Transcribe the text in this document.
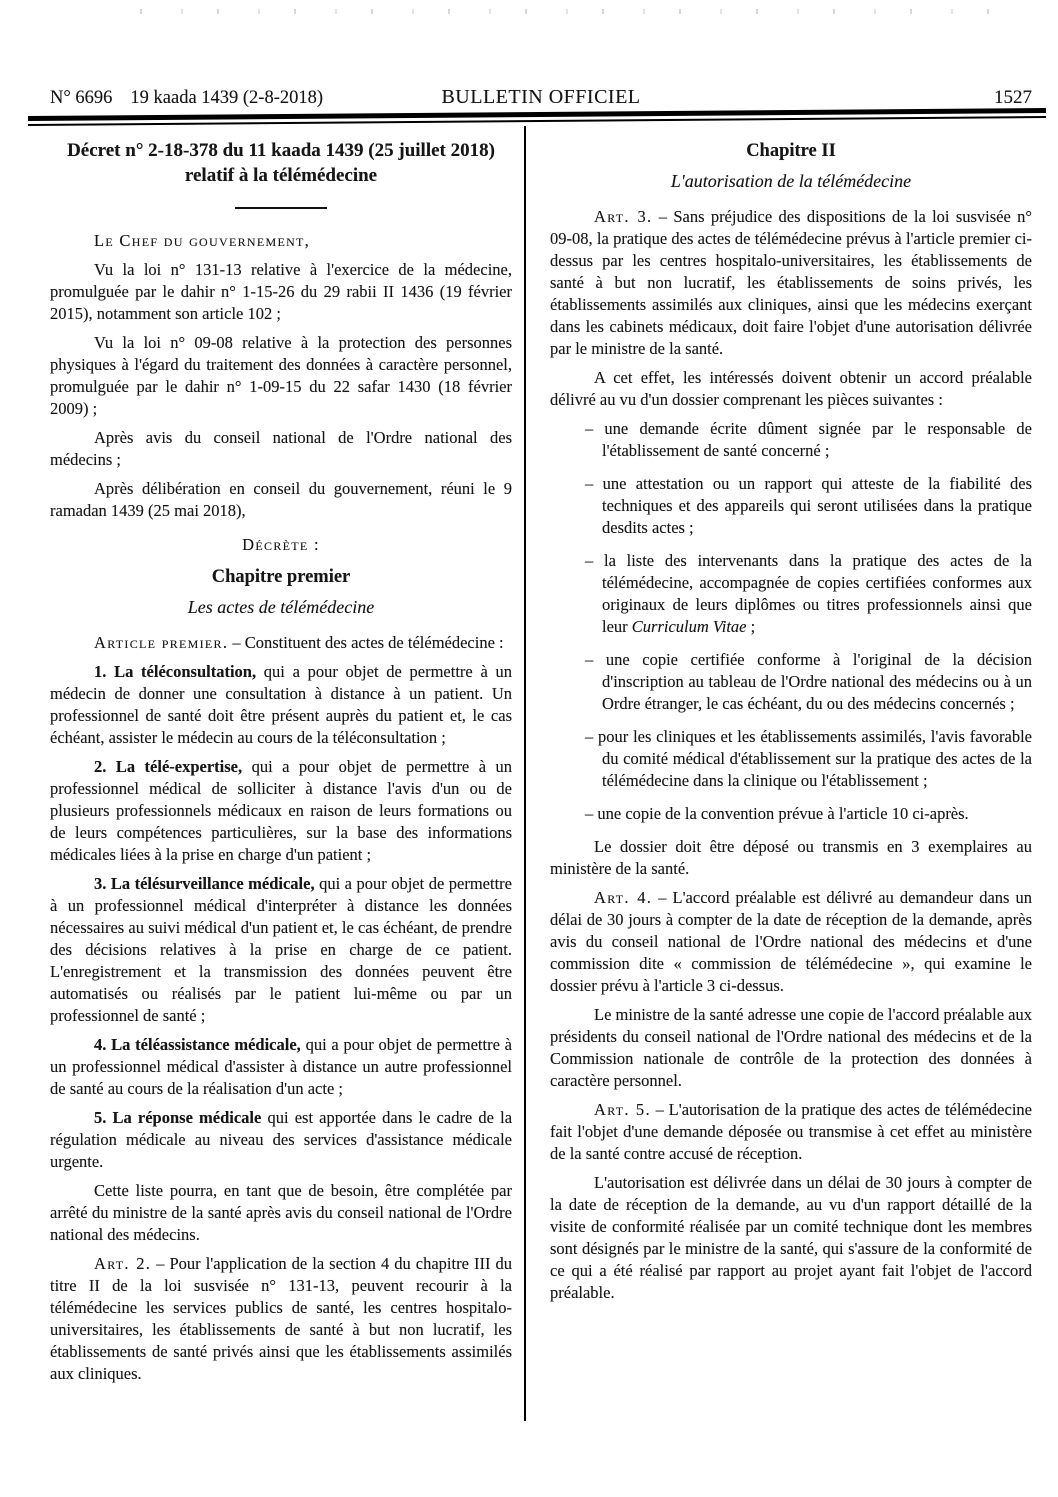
N° 6696 19 kaada 1439 (2-8-2018)	BULLETIN OFFICIEL	1527
Décret n° 2-18-378 du 11 kaada 1439 (25 juillet 2018) relatif à la télémédecine

Le Chef du gouvernement,

Vu la loi n° 131-13 relative à l'exercice de la médecine, promulguée par le dahir n° 1-15-26 du 29 rabii II 1436 (19 février 2015), notamment son article 102 ;

Vu la loi n° 09-08 relative à la protection des personnes physiques à l'égard du traitement des données à caractère personnel, promulguée par le dahir n° 1-09-15 du 22 safar 1430 (18 février 2009) ;

Après avis du conseil national de l'Ordre national des médecins ;

Après délibération en conseil du gouvernement, réuni le 9 ramadan 1439 (25 mai 2018),

Décrète :

Chapitre premier

Les actes de télémédecine

Article premier. – Constituent des actes de télémédecine :

1. La téléconsultation, qui a pour objet de permettre à un médecin de donner une consultation à distance à un patient. Un professionnel de santé doit être présent auprès du patient et, le cas échéant, assister le médecin au cours de la téléconsultation ;

2. La télé-expertise, qui a pour objet de permettre à un professionnel médical de solliciter à distance l'avis d'un ou de plusieurs professionnels médicaux en raison de leurs formations ou de leurs compétences particulières, sur la base des informations médicales liées à la prise en charge d'un patient ;

3. La télésurveillance médicale, qui a pour objet de permettre à un professionnel médical d'interpréter à distance les données nécessaires au suivi médical d'un patient et, le cas échéant, de prendre des décisions relatives à la prise en charge de ce patient. L'enregistrement et la transmission des données peuvent être automatisés ou réalisés par le patient lui-même ou par un professionnel de santé ;

4. La téléassistance médicale, qui a pour objet de permettre à un professionnel médical d'assister à distance un autre professionnel de santé au cours de la réalisation d'un acte ;

5. La réponse médicale qui est apportée dans le cadre de la régulation médicale au niveau des services d'assistance médicale urgente.

Cette liste pourra, en tant que de besoin, être complétée par arrêté du ministre de la santé après avis du conseil national de l'Ordre national des médecins.

Art. 2. – Pour l'application de la section 4 du chapitre III du titre II de la loi susvisée n° 131-13, peuvent recourir à la télémédecine les services publics de santé, les centres hospitalo-universitaires, les établissements de santé à but non lucratif, les établissements de santé privés ainsi que les établissements assimilés aux cliniques.

Chapitre II

L'autorisation de la télémédecine

Art. 3. – Sans préjudice des dispositions de la loi susvisée n° 09-08, la pratique des actes de télémédecine prévus à l'article premier ci-dessus par les centres hospitalo-universitaires, les établissements de santé à but non lucratif, les établissements de soins privés, les établissements assimilés aux cliniques, ainsi que les médecins exerçant dans les cabinets médicaux, doit faire l'objet d'une autorisation délivrée par le ministre de la santé.

A cet effet, les intéressés doivent obtenir un accord préalable délivré au vu d'un dossier comprenant les pièces suivantes :

– une demande écrite dûment signée par le responsable de l'établissement de santé concerné ;

– une attestation ou un rapport qui atteste de la fiabilité des techniques et des appareils qui seront utilisées dans la pratique desdits actes ;

– la liste des intervenants dans la pratique des actes de la télémédecine, accompagnée de copies certifiées conformes aux originaux de leurs diplômes ou titres professionnels ainsi que leur Curriculum Vitae ;

– une copie certifiée conforme à l'original de la décision d'inscription au tableau de l'Ordre national des médecins ou à un Ordre étranger, le cas échéant, du ou des médecins concernés ;

– pour les cliniques et les établissements assimilés, l'avis favorable du comité médical d'établissement sur la pratique des actes de la télémédecine dans la clinique ou l'établissement ;

– une copie de la convention prévue à l'article 10 ci-après.

Le dossier doit être déposé ou transmis en 3 exemplaires au ministère de la santé.

Art. 4. – L'accord préalable est délivré au demandeur dans un délai de 30 jours à compter de la date de réception de la demande, après avis du conseil national de l'Ordre national des médecins et d'une commission dite « commission de télémédecine », qui examine le dossier prévu à l'article 3 ci-dessus.

Le ministre de la santé adresse une copie de l'accord préalable aux présidents du conseil national de l'Ordre national des médecins et de la Commission nationale de contrôle de la protection des données à caractère personnel.

Art. 5. – L'autorisation de la pratique des actes de télémédecine fait l'objet d'une demande déposée ou transmise à cet effet au ministère de la santé contre accusé de réception.

L'autorisation est délivrée dans un délai de 30 jours à compter de la date de réception de la demande, au vu d'un rapport détaillé de la visite de conformité réalisée par un comité technique dont les membres sont désignés par le ministre de la santé, qui s'assure de la conformité de ce qui a été réalisé par rapport au projet ayant fait l'objet de l'accord préalable.
